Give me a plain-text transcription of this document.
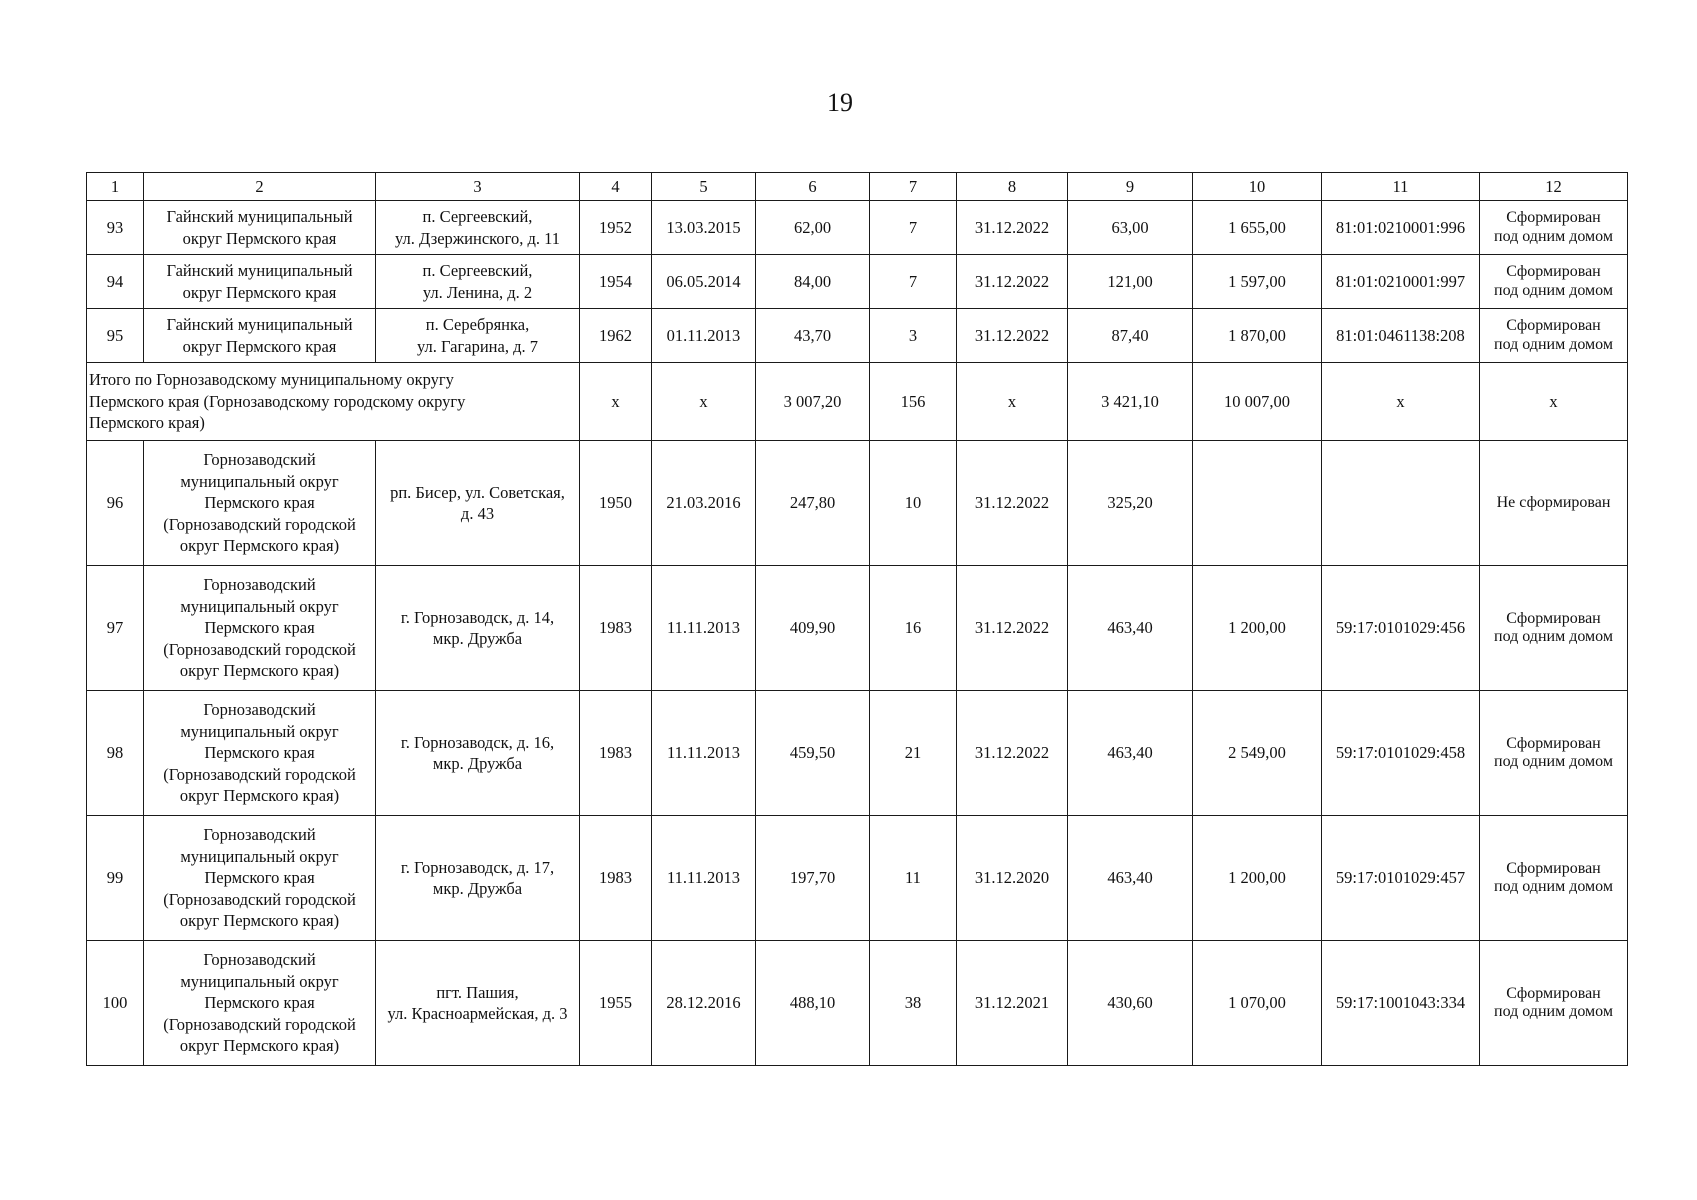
19
1	2	3	4	5	6	7	8	9	10	11	12
93	Гайнский муниципальный
округ Пермского края	п. Сергеевский,
ул. Дзержинского, д. 11	1952	13.03.2015	62,00	7	31.12.2022	63,00	1 655,00	81:01:0210001:996	Сформирован
под одним домом
94	Гайнский муниципальный
округ Пермского края	п. Сергеевский,
ул. Ленина, д. 2	1954	06.05.2014	84,00	7	31.12.2022	121,00	1 597,00	81:01:0210001:997	Сформирован
под одним домом
95	Гайнский муниципальный
округ Пермского края	п. Серебрянка,
ул. Гагарина, д. 7	1962	01.11.2013	43,70	3	31.12.2022	87,40	1 870,00	81:01:0461138:208	Сформирован
под одним домом
Итого по Горнозаводскому муниципальному округу
Пермского края (Горнозаводскому городскому округу
Пермского края)			x	x	3 007,20	156	x	3 421,10	10 007,00	x	x
96	Горнозаводский
муниципальный округ
Пермского края
(Горнозаводский городской
округ Пермского края)	рп. Бисер, ул. Советская,
д. 43	1950	21.03.2016	247,80	10	31.12.2022	325,20			Не сформирован
97	Горнозаводский
муниципальный округ
Пермского края
(Горнозаводский городской
округ Пермского края)	г. Горнозаводск, д. 14,
мкр. Дружба	1983	11.11.2013	409,90	16	31.12.2022	463,40	1 200,00	59:17:0101029:456	Сформирован
под одним домом
98	Горнозаводский
муниципальный округ
Пермского края
(Горнозаводский городской
округ Пермского края)	г. Горнозаводск, д. 16,
мкр. Дружба	1983	11.11.2013	459,50	21	31.12.2022	463,40	2 549,00	59:17:0101029:458	Сформирован
под одним домом
99	Горнозаводский
муниципальный округ
Пермского края
(Горнозаводский городской
округ Пермского края)	г. Горнозаводск, д. 17,
мкр. Дружба	1983	11.11.2013	197,70	11	31.12.2020	463,40	1 200,00	59:17:0101029:457	Сформирован
под одним домом
100	Горнозаводский
муниципальный округ
Пермского края
(Горнозаводский городской
округ Пермского края)	пгт. Пашия,
ул. Красноармейская, д. 3	1955	28.12.2016	488,10	38	31.12.2021	430,60	1 070,00	59:17:1001043:334	Сформирован
под одним домом
